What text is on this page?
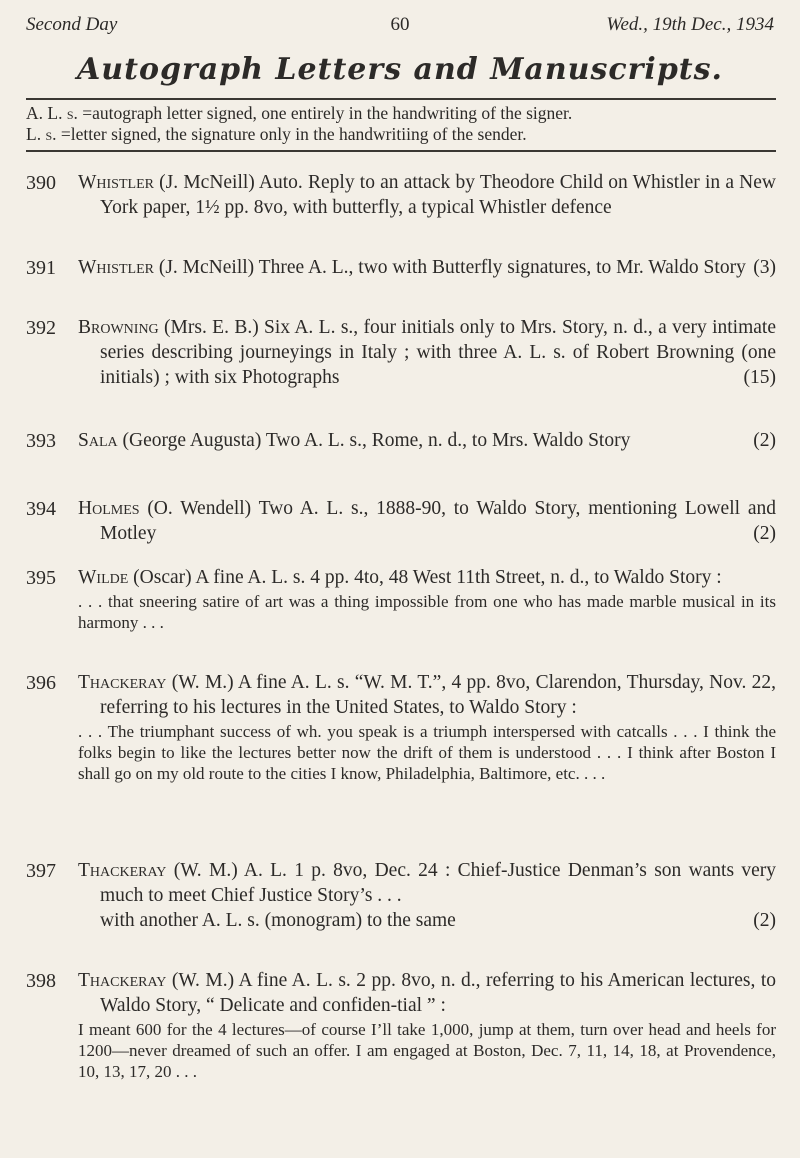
Second Day	60	Wed., 19th Dec., 1934
Autograph Letters and Manuscripts.
A. L. s. =autograph letter signed, one entirely in the handwriting of the signer.
L. s. =letter signed, the signature only in the handwritiing of the sender.
390	Whistler (J. McNeill) Auto. Reply to an attack by Theodore Child on Whistler in a New York paper, 1½ pp. 8vo, with butterfly, a typical Whistler defence

391	Whistler (J. McNeill) Three A. L., two with Butterfly signatures, to Mr. Waldo Story (3)

392	Browning (Mrs. E. B.) Six A. L. s., four initials only to Mrs. Story, n. d., a very intimate series describing journeyings in Italy ; with three A. L. s. of Robert Browning (one initials) ; with six Photographs	(15)

393	Sala (George Augusta) Two A. L. s., Rome, n. d., to Mrs. Waldo Story	(2)

394	Holmes (O. Wendell) Two A. L. s., 1888-90, to Waldo Story, mentioning Lowell and Motley	(2)

395	Wilde (Oscar) A fine A. L. s. 4 pp. 4to, 48 West 11th Street, n. d., to Waldo Story :

. . . that sneering satire of art was a thing impossible from one who has made marble musical in its harmony . . .

396	Thackeray (W. M.) A fine A. L. s. “W. M. T.”, 4 pp. 8vo, Clarendon, Thursday, Nov. 22, referring to his lectures in the United States, to Waldo Story :

. . . The triumphant success of wh. you speak is a triumph interspersed with catcalls . . . I think the folks begin to like the lectures better now the drift of them is understood . . . I think after Boston I shall go on my old route to the cities I know, Philadelphia, Baltimore, etc. . . .

397	Thackeray (W. M.) A. L. 1 p. 8vo, Dec. 24 : Chief-Justice Denman’s son wants very much to meet Chief Justice Story’s . . .

with another A. L. s. (monogram) to the same	(2)

398	Thackeray (W. M.) A fine A. L. s. 2 pp. 8vo, n. d., referring to his American lectures, to Waldo Story, “ Delicate and confiden-tial ” :

I meant 600 for the 4 lectures—of course I’ll take 1,000, jump at them, turn over head and heels for 1200—never dreamed of such an offer. I am engaged at Boston, Dec. 7, 11, 14, 18, at Provendence, 10, 13, 17, 20 . . .
